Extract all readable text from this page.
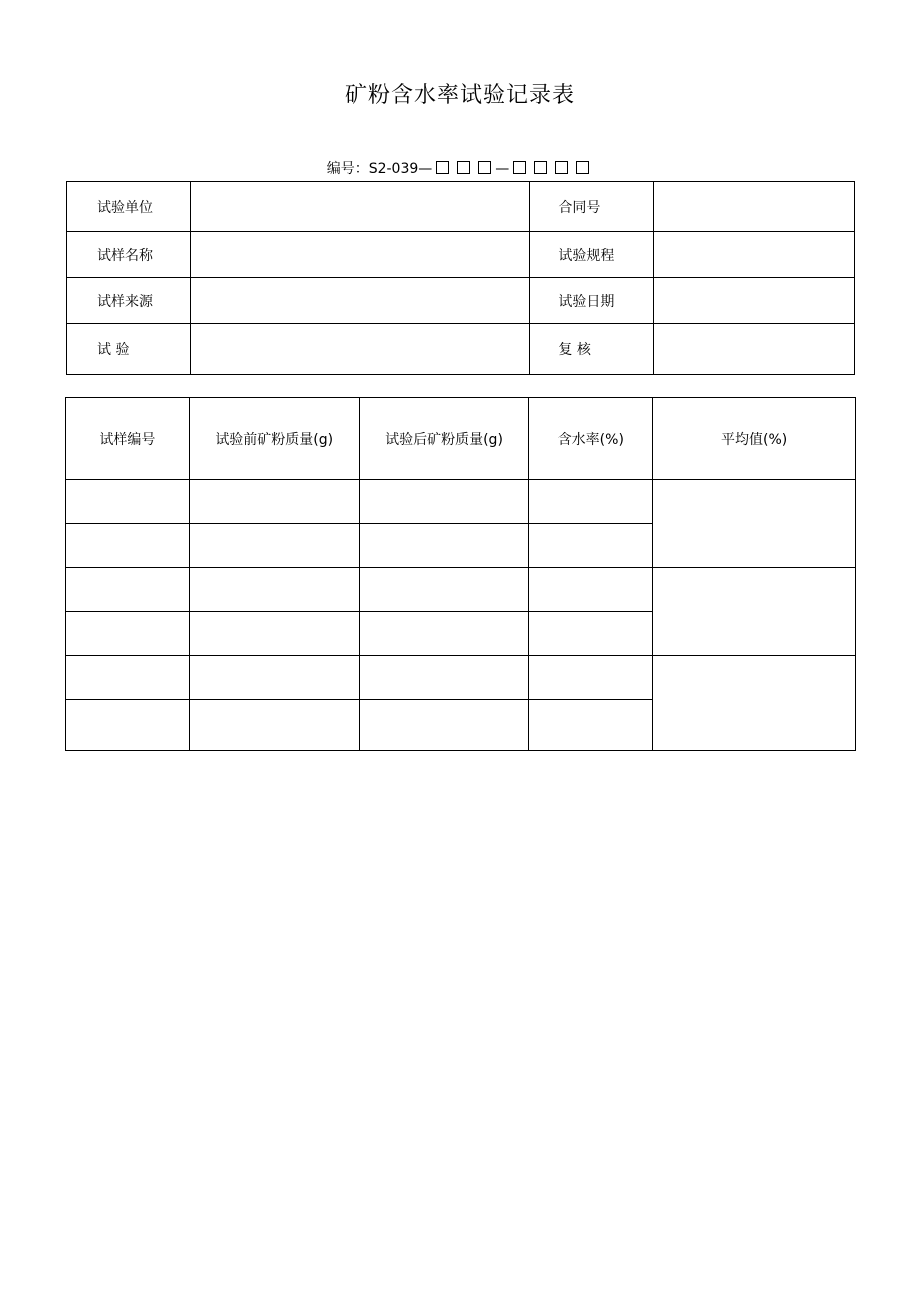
矿粉含水率试验记录表
编号：S2-039—	—
试验单位		合同号	
试样名称		试验规程	
试样来源		试验日期	
试 验		复 核	
试样编号	试验前矿粉质量(g)	试验后矿粉质量(g)	含水率(%)	平均值(%)
